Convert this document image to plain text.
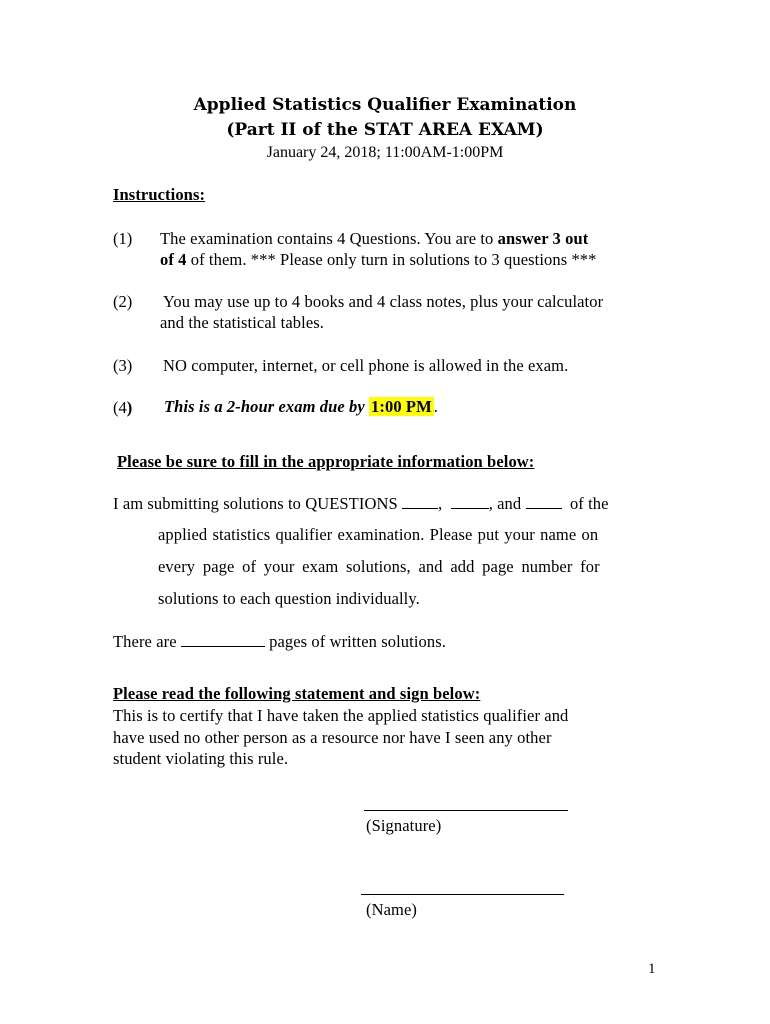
Applied Statistics Qualifier Examination
(Part II of the STAT AREA EXAM)
January 24, 2018; 11:00AM-1:00PM
Instructions:
(1) The examination contains 4 Questions. You are to answer 3 out
of 4 of them. *** Please only turn in solutions to 3 questions ***
(2) You may use up to 4 books and 4 class notes, plus your calculator
and the statistical tables.
(3) NO computer, internet, or cell phone is allowed in the exam.
(4) This is a 2-hour exam due by 1:00 PM .
Please be sure to fill in the appropriate information below:
I am submitting solutions to QUESTIONS ,	, and	of the
applied statistics qualifier examination. Please put your name on
every page of your exam solutions, and add page number for
solutions to each question individually.
There are	pages of written solutions.
Please read the following statement and sign below:
This is to certify that I have taken the applied statistics qualifier and
have used no other person as a resource nor have I seen any other
student violating this rule.
(Signature)
(Name)
1
